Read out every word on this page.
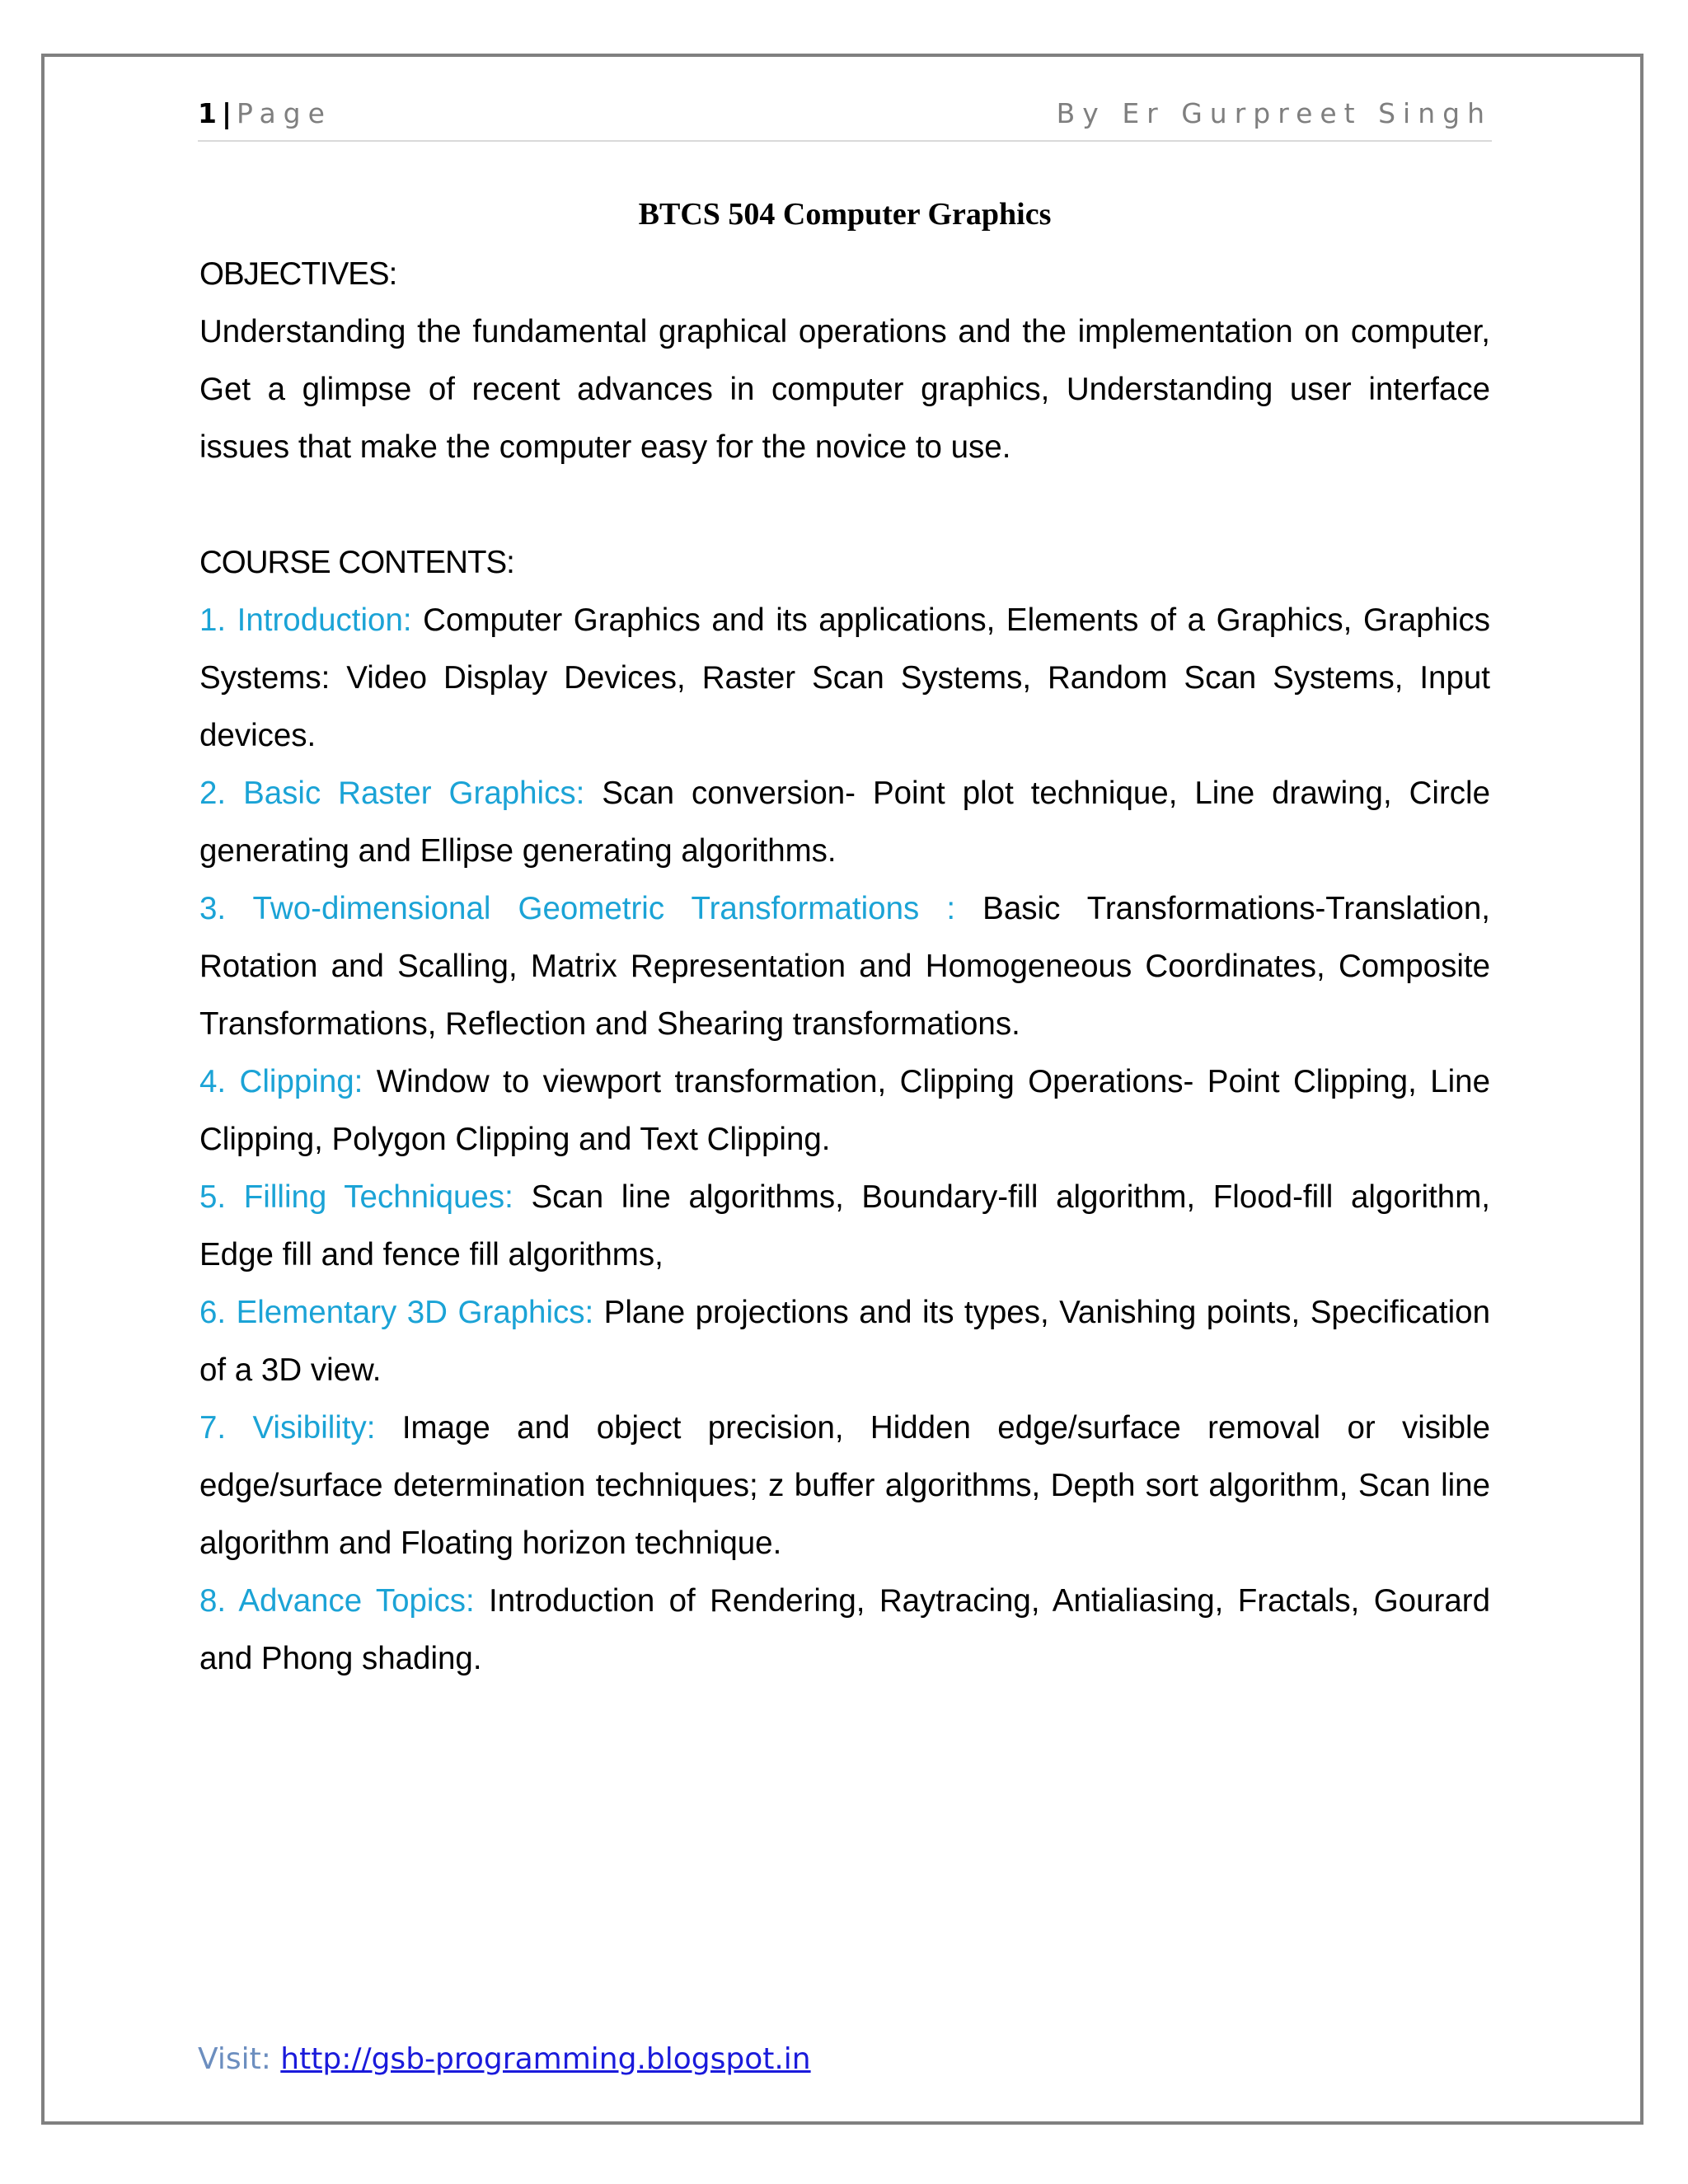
1 | Page	By Er Gurpreet Singh
BTCS 504 Computer Graphics

OBJECTIVES:

Understanding the fundamental graphical operations and the implementation on computer, Get a glimpse of recent advances in computer graphics, Understanding user interface issues that make the computer easy for the novice to use.

COURSE CONTENTS:

1. Introduction: Computer Graphics and its applications, Elements of a Graphics, Graphics Systems: Video Display Devices, Raster Scan Systems, Random Scan Systems, Input devices.

2. Basic Raster Graphics: Scan conversion- Point plot technique, Line drawing, Circle generating and Ellipse generating algorithms.

3. Two-dimensional Geometric Transformations : Basic Transformations-Translation, Rotation and Scalling, Matrix Representation and Homogeneous Coordinates, Composite Transformations, Reflection and Shearing transformations.

4. Clipping: Window to viewport transformation, Clipping Operations- Point Clipping, Line Clipping, Polygon Clipping and Text Clipping.

5. Filling Techniques: Scan line algorithms, Boundary-fill algorithm, Flood-fill algorithm, Edge fill and fence fill algorithms,

6. Elementary 3D Graphics: Plane projections and its types, Vanishing points, Specification of a 3D view.

7. Visibility: Image and object precision, Hidden edge/surface removal or visible edge/surface determination techniques; z buffer algorithms, Depth sort algorithm, Scan line algorithm and Floating horizon technique.

8. Advance Topics: Introduction of Rendering, Raytracing, Antialiasing, Fractals, Gourard and Phong shading.

Visit: http://gsb-programming.blogspot.in
